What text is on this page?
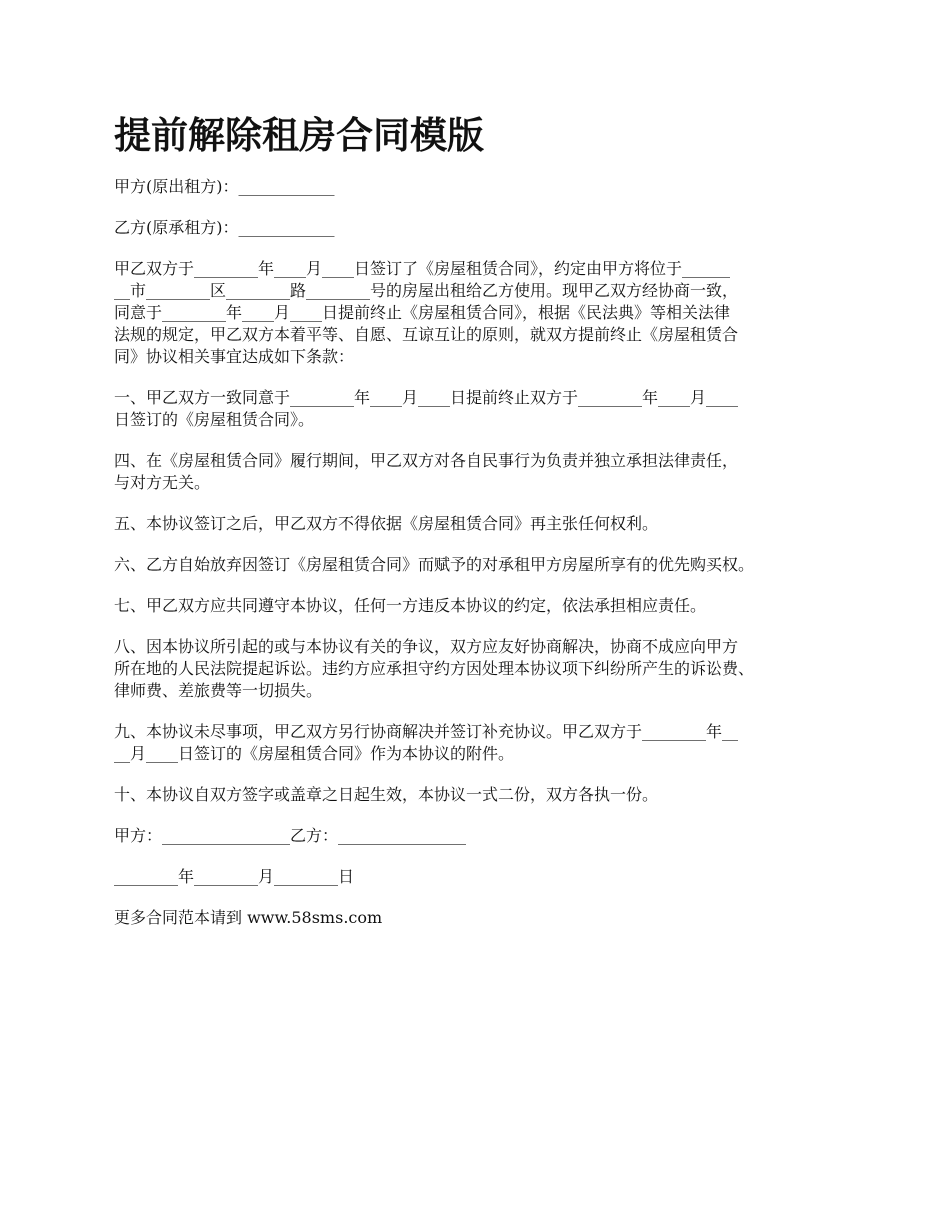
提前解除租房合同模版

甲方(原出租方)：____________

乙方(原承租方)：____________

甲乙双方于________年____月____日签订了《房屋租赁合同》，约定由甲方将位于______
__市________区________路________号的房屋出租给乙方使用。现甲乙双方经协商一致，
同意于________年____月____日提前终止《房屋租赁合同》，根据《民法典》等相关法律
法规的规定，甲乙双方本着平等、自愿、互谅互让的原则，就双方提前终止《房屋租赁合
同》协议相关事宜达成如下条款：

一、甲乙双方一致同意于________年____月____日提前终止双方于________年____月____
日签订的《房屋租赁合同》。

四、在《房屋租赁合同》履行期间，甲乙双方对各自民事行为负责并独立承担法律责任，
与对方无关。

五、本协议签订之后，甲乙双方不得依据《房屋租赁合同》再主张任何权利。

六、乙方自始放弃因签订《房屋租赁合同》而赋予的对承租甲方房屋所享有的优先购买权。

七、甲乙双方应共同遵守本协议，任何一方违反本协议的约定，依法承担相应责任。

八、因本协议所引起的或与本协议有关的争议，双方应友好协商解决，协商不成应向甲方
所在地的人民法院提起诉讼。违约方应承担守约方因处理本协议项下纠纷所产生的诉讼费、
律师费、差旅费等一切损失。

九、本协议未尽事项，甲乙双方另行协商解决并签订补充协议。甲乙双方于________年__
__月____日签订的《房屋租赁合同》作为本协议的附件。

十、本协议自双方签字或盖章之日起生效，本协议一式二份，双方各执一份。

甲方：________________乙方：________________

________年________月________日

更多合同范本请到 www.58sms.com
